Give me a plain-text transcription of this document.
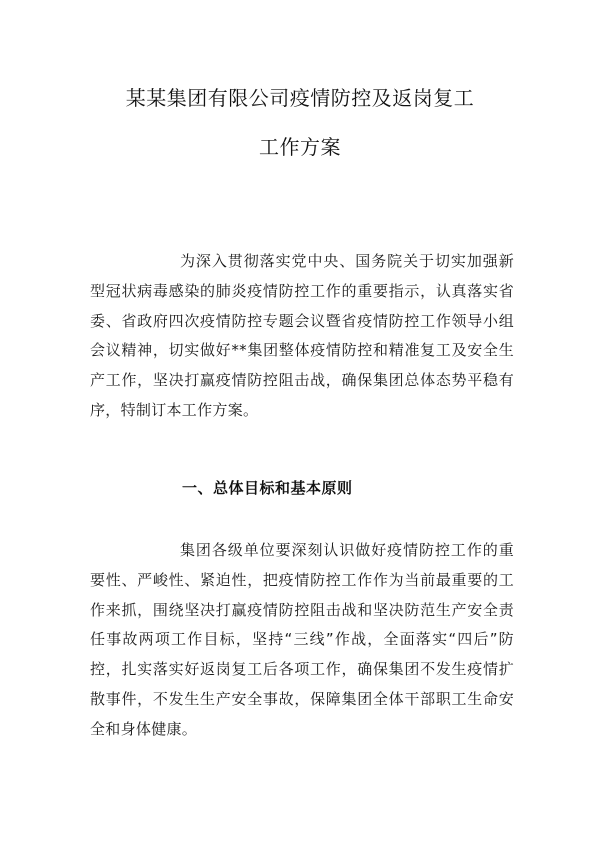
某某集团有限公司疫情防控及返岗复工
工作方案

为深入贯彻落实党中央、国务院关于切实加强新型冠状病毒感染的肺炎疫情防控工作的重要指示，认真落实省委、省政府四次疫情防控专题会议暨省疫情防控工作领导小组会议精神，切实做好**集团整体疫情防控和精准复工及安全生产工作，坚决打赢疫情防控阻击战，确保集团总体态势平稳有序，特制订本工作方案。

一、总体目标和基本原则

集团各级单位要深刻认识做好疫情防控工作的重要性、严峻性、紧迫性，把疫情防控工作作为当前最重要的工作来抓，围绕坚决打赢疫情防控阻击战和坚决防范生产安全责任事故两项工作目标，坚持“三线”作战，全面落实“四后”防控，扎实落实好返岗复工后各项工作，确保集团不发生疫情扩散事件，不发生生产安全事故，保障集团全体干部职工生命安全和身体健康。
